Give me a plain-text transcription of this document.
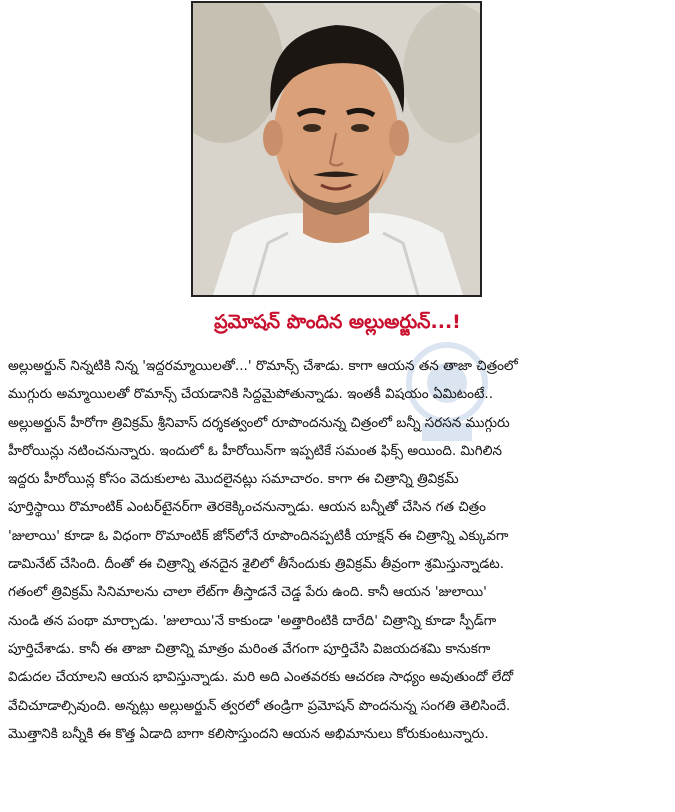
ప్రమోషన్ పొందిన అల్లుఅర్జున్...!
అల్లుఅర్జున్ నిన్నటికి నిన్న 'ఇద్దరమ్మాయిలతో...' రొమాన్స్ చేశాడు. కాగా ఆయన తన తాజా చిత్రంలో
ముగ్గురు అమ్మాయిలతో రొమాన్స్ చేయడానికి సిద్దమైపోతున్నాడు. ఇంతకీ విషయం ఏమిటంటే..
అల్లుఅర్జున్ హీరోగా త్రివిక్రమ్ శ్రీనివాస్ దర్శకత్వంలో రూపొందనున్న చిత్రంలో బన్నీ సరసన ముగ్గురు
హీరోయిన్లు నటించనున్నారు. ఇందులో ఓ హీరోయిన్‌గా ఇప్పటికే సమంత ఫిక్స్ అయింది. మిగిలిన
ఇద్దరు హీరోయిన్ల కోసం వెదుకులాట మొదలైనట్లు సమాచారం. కాగా ఈ చిత్రాన్ని త్రివిక్రమ్
పూర్తిస్థాయి రొమాంటిక్ ఎంటర్‌టైనర్‌గా తెరకెక్కించనున్నాడు. ఆయన బన్నీతో చేసిన గత చిత్రం
'జులాయి' కూడా ఓ విధంగా రొమాంటిక్ జోన్‌లోనే రూపొందినప్పటికీ యాక్షన్ ఈ చిత్రాన్ని ఎక్కువగా
డామినేట్ చేసింది. దీంతో ఈ చిత్రాన్ని తనదైన శైలిలో తీసేందుకు త్రివిక్రమ్ తీవ్రంగా శ్రమిస్తున్నాడట.
గతంలో త్రివిక్రమ్ సినిమాలను చాలా లేట్‌గా తీస్తాడనే చెడ్డ పేరు ఉంది. కానీ ఆయన 'జులాయి'
నుండి తన పంథా మార్చాడు. 'జులాయి'నే కాకుండా 'అత్తారింటికి దారేది' చిత్రాన్ని కూడా స్పీడ్‌గా
పూర్తిచేశాడు. కానీ ఈ తాజా చిత్రాన్ని మాత్రం మరింత వేగంగా పూర్తిచేసి విజయదశమి కానుకగా
విడుదల చేయాలని ఆయన భావిస్తున్నాడు. మరి అది ఎంతవరకు ఆచరణ సాధ్యం అవుతుందో లేదో
వేచిచూడాల్సివుంది. అన్నట్లు అల్లుఅర్జున్ త్వరలో తండ్రిగా ప్రమోషన్ పొందనున్న సంగతి తెలిసిందే.
మొత్తానికి బన్నీకి ఈ కొత్త ఏడాది బాగా కలిసొస్తుందని ఆయన అభిమానులు కోరుకుంటున్నారు.
